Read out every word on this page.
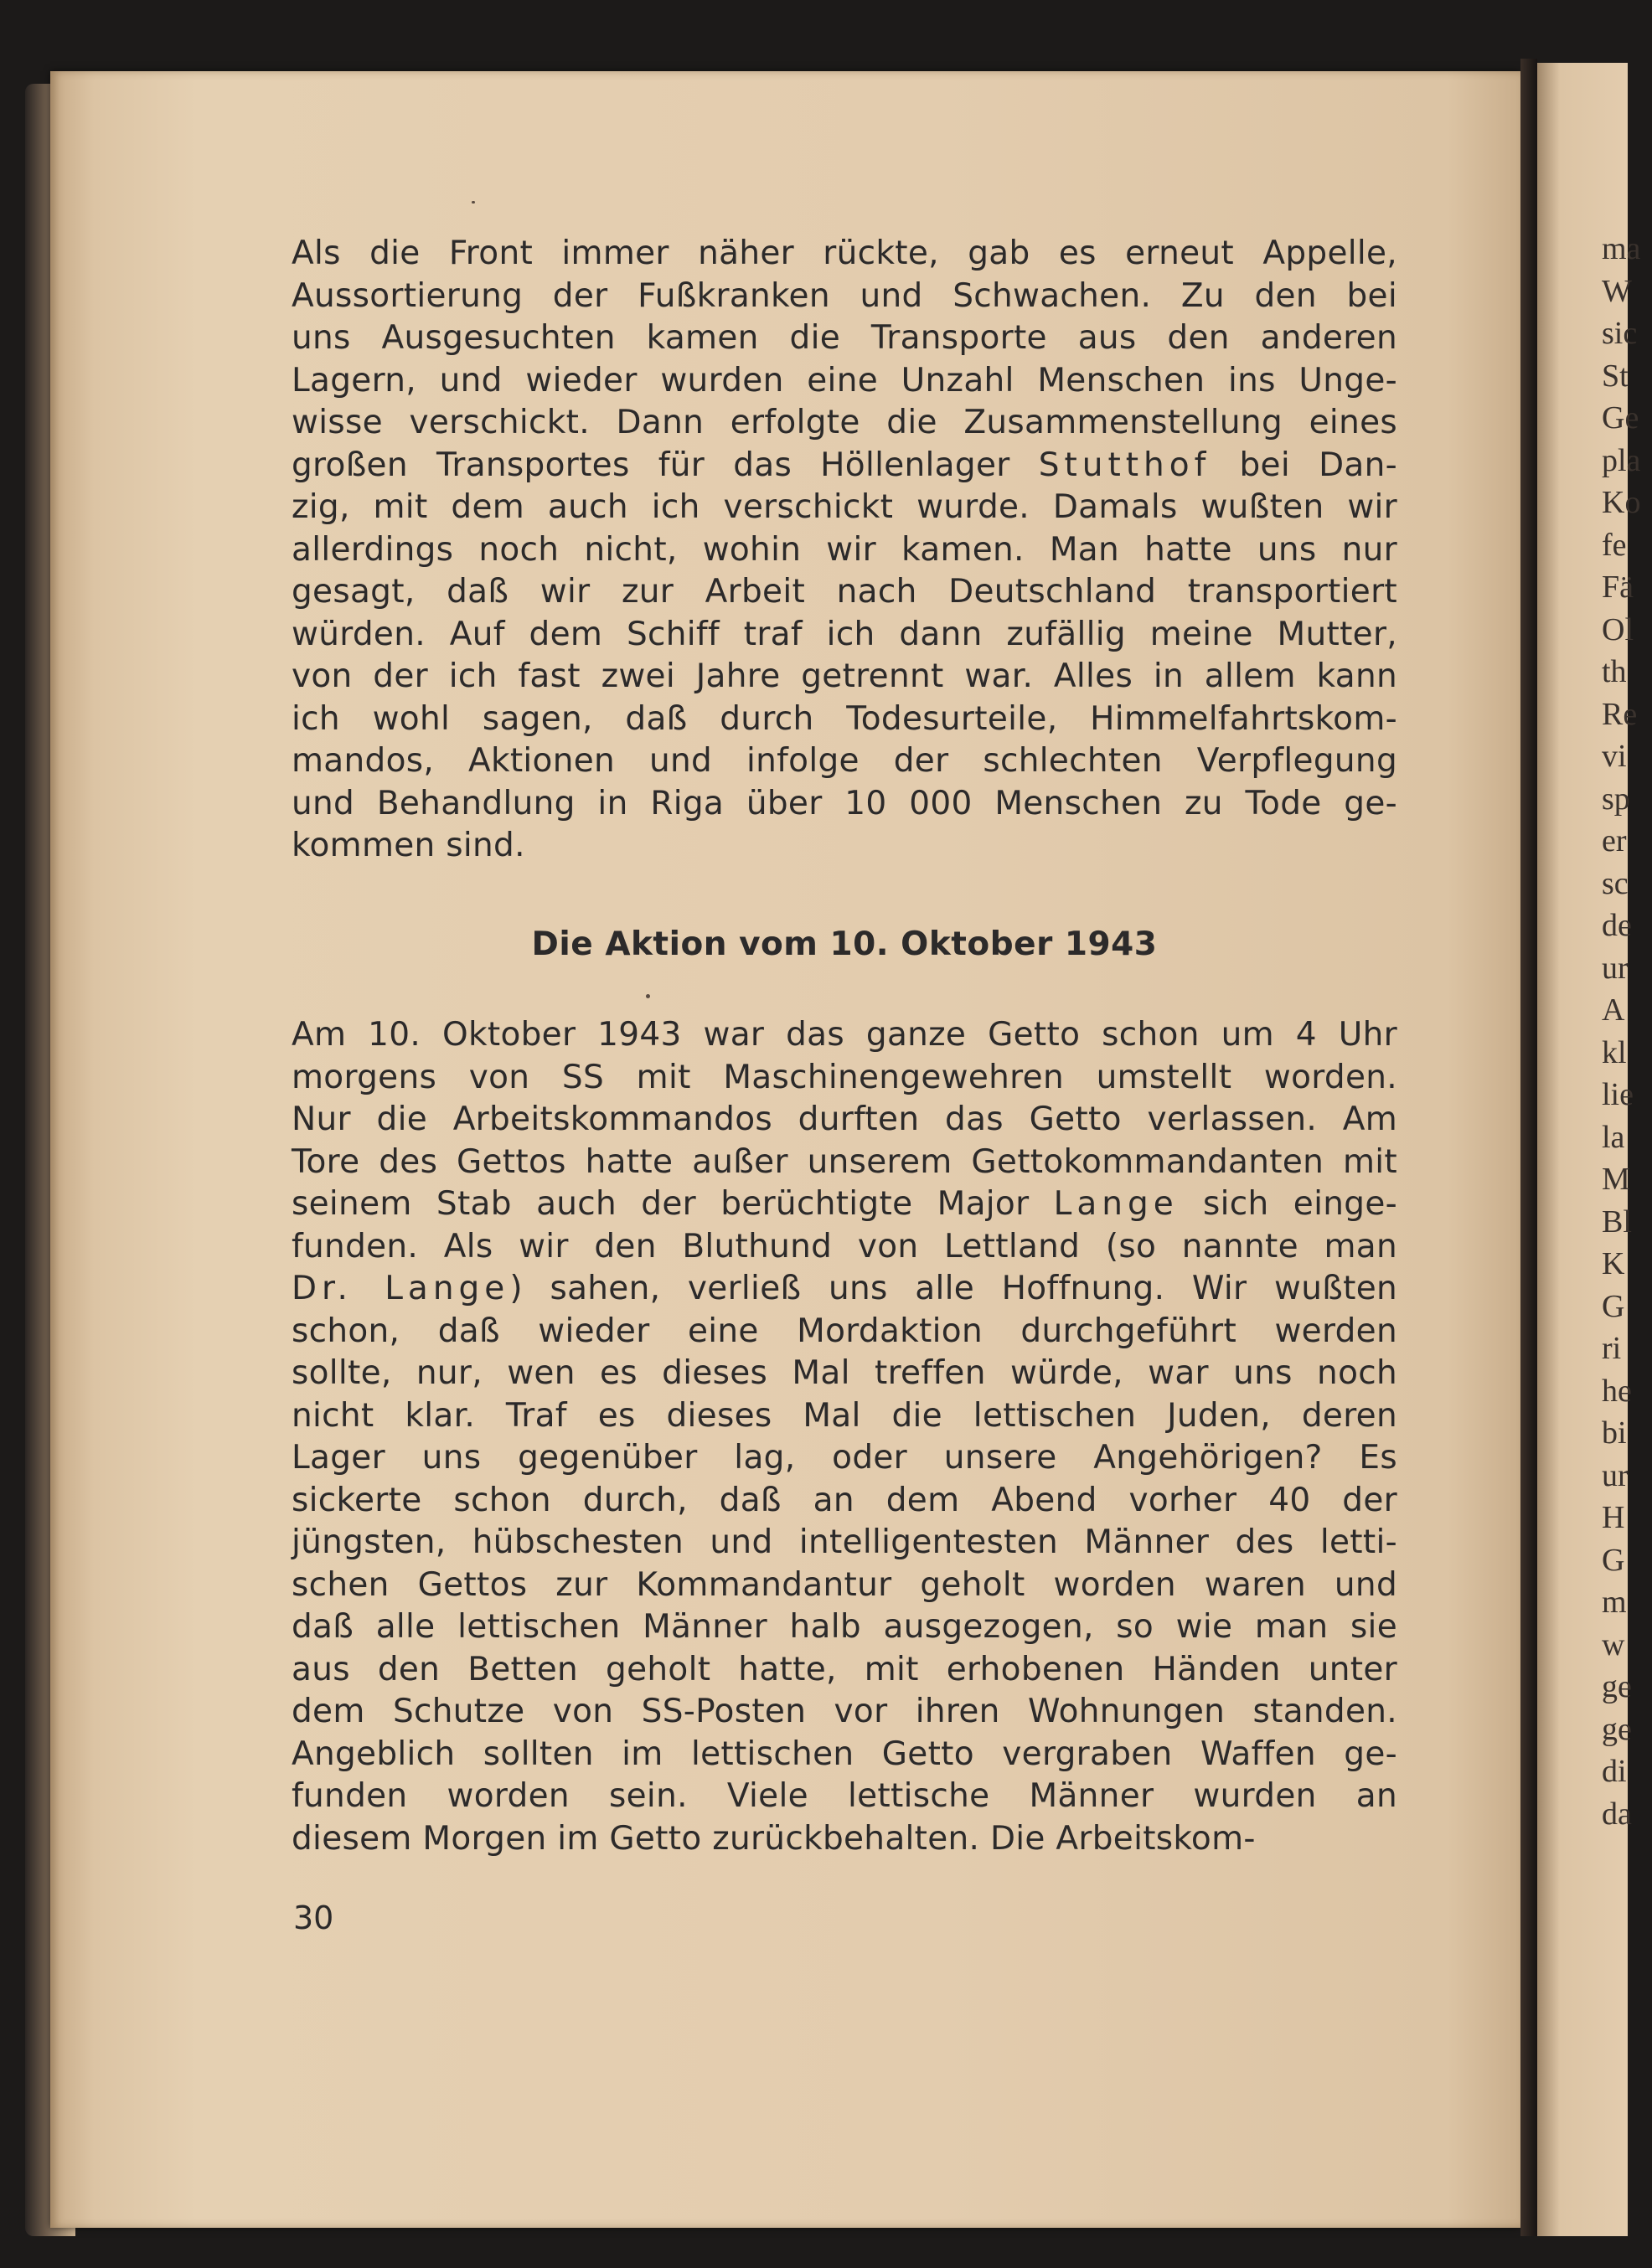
ma
W
sic
St
Ge
pla
Ko
fe
Fä
Ol
th
Re
vi
sp
er
sc
de
ur
A
kl
lie
la
M
Bl
K
G
ri
he
bi
ur
H
G
m
w
ge
ge
di
da
Als die Front immer näher rückte, gab es erneut Appelle,
Aussortierung der Fußkranken und Schwachen. Zu den bei
uns Ausgesuchten kamen die Transporte aus den anderen
Lagern, und wieder wurden eine Unzahl Menschen ins Unge-
wisse verschickt. Dann erfolgte die Zusammenstellung eines
großen Transportes für das Höllenlager Stutthof bei Dan-
zig, mit dem auch ich verschickt wurde. Damals wußten wir
allerdings noch nicht, wohin wir kamen. Man hatte uns nur
gesagt, daß wir zur Arbeit nach Deutschland transportiert
würden. Auf dem Schiff traf ich dann zufällig meine Mutter,
von der ich fast zwei Jahre getrennt war. Alles in allem kann
ich wohl sagen, daß durch Todesurteile, Himmelfahrtskom-
mandos, Aktionen und infolge der schlechten Verpflegung
und Behandlung in Riga über 10 000 Menschen zu Tode ge-
kommen sind.
Die Aktion vom 10. Oktober 1943
Am 10. Oktober 1943 war das ganze Getto schon um 4 Uhr
morgens von SS mit Maschinengewehren umstellt worden.
Nur die Arbeitskommandos durften das Getto verlassen. Am
Tore des Gettos hatte außer unserem Gettokommandanten mit
seinem Stab auch der berüchtigte Major Lange sich einge-
funden. Als wir den Bluthund von Lettland (so nannte man
Dr. Lange) sahen, verließ uns alle Hoffnung. Wir wußten
schon, daß wieder eine Mordaktion durchgeführt werden
sollte, nur, wen es dieses Mal treffen würde, war uns noch
nicht klar. Traf es dieses Mal die lettischen Juden, deren
Lager uns gegenüber lag, oder unsere Angehörigen? Es
sickerte schon durch, daß an dem Abend vorher 40 der
jüngsten, hübschesten und intelligentesten Männer des letti-
schen Gettos zur Kommandantur geholt worden waren und
daß alle lettischen Männer halb ausgezogen, so wie man sie
aus den Betten geholt hatte, mit erhobenen Händen unter
dem Schutze von SS-Posten vor ihren Wohnungen standen.
Angeblich sollten im lettischen Getto vergraben Waffen ge-
funden worden sein. Viele lettische Männer wurden an
diesem Morgen im Getto zurückbehalten. Die Arbeitskom-
30
